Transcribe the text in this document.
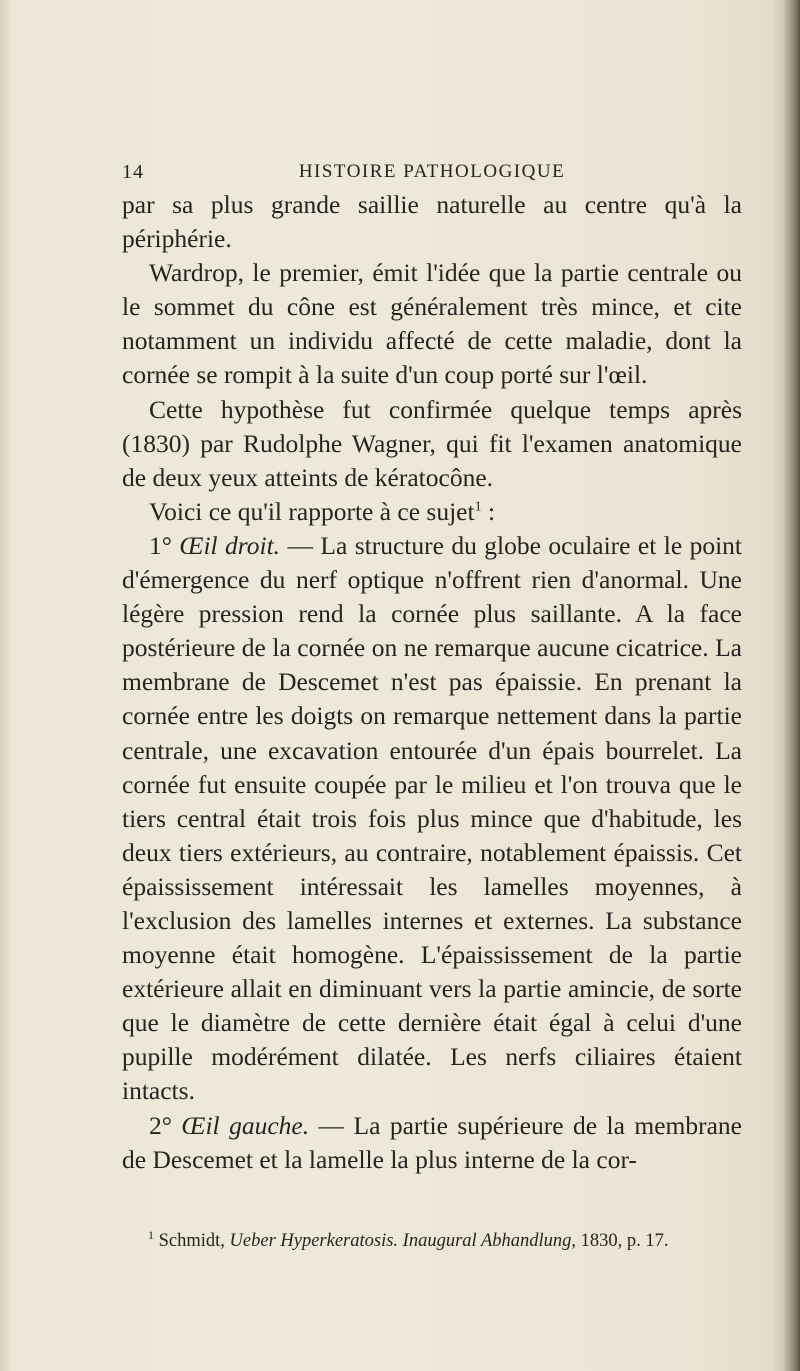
14	HISTOIRE PATHOLOGIQUE

par sa plus grande saillie naturelle au centre qu'à la périphérie.

Wardrop, le premier, émit l'idée que la partie centrale ou le sommet du cône est généralement très mince, et cite notamment un individu affecté de cette maladie, dont la cornée se rompit à la suite d'un coup porté sur l'œil.

Cette hypothèse fut confirmée quelque temps après (1830) par Rudolphe Wagner, qui fit l'examen anatomique de deux yeux atteints de kératocône.

Voici ce qu'il rapporte à ce sujet$^1$ :

1° Œil droit. — La structure du globe oculaire et le point d'émergence du nerf optique n'offrent rien d'anormal. Une légère pression rend la cornée plus saillante. A la face postérieure de la cornée on ne remarque aucune cicatrice. La membrane de Descemet n'est pas épaissie. En prenant la cornée entre les doigts on remarque nettement dans la partie centrale, une excavation entourée d'un épais bourrelet. La cornée fut ensuite coupée par le milieu et l'on trouva que le tiers central était trois fois plus mince que d'habitude, les deux tiers extérieurs, au contraire, notablement épaissis. Cet épaississement intéressait les lamelles moyennes, à l'exclusion des lamelles internes et externes. La substance moyenne était homogène. L'épaississement de la partie extérieure allait en diminuant vers la partie amincie, de sorte que le diamètre de cette dernière était égal à celui d'une pupille modérément dilatée. Les nerfs ciliaires étaient intacts.

2° Œil gauche. — La partie supérieure de la membrane de Descemet et la lamelle la plus interne de la cor-

$^1$ Schmidt, Ueber Hyperkeratosis. Inaugural Abhandlung, 1830, p. 17.
